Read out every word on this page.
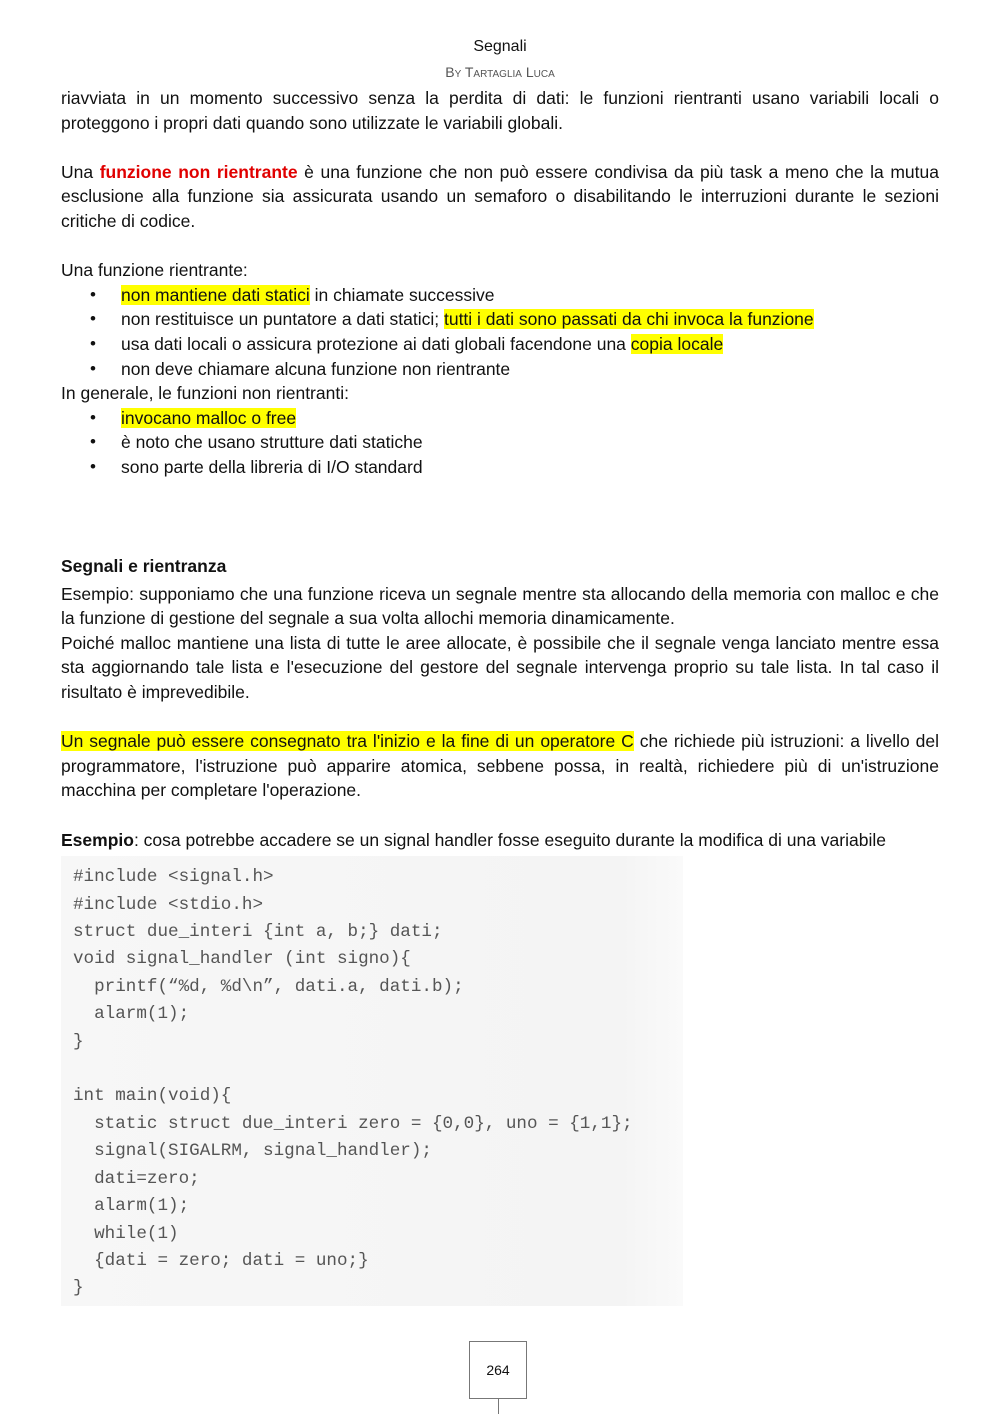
Segnali
By Tartaglia Luca

riavviata in un momento successivo senza la perdita di dati: le funzioni rientranti usano variabili locali o proteggono i propri dati quando sono utilizzate le variabili globali.

Una funzione non rientrante è una funzione che non può essere condivisa da più task a meno che la mutua esclusione alla funzione sia assicurata usando un semaforo o disabilitando le interruzioni durante le sezioni critiche di codice.

Una funzione rientrante:

• non mantiene dati statici in chiamate successive
• non restituisce un puntatore a dati statici; tutti i dati sono passati da chi invoca la funzione
• usa dati locali o assicura protezione ai dati globali facendone una copia locale
• non deve chiamare alcuna funzione non rientrante

In generale, le funzioni non rientranti:

• invocano malloc o free
• è noto che usano strutture dati statiche
• sono parte della libreria di I/O standard

Segnali e rientranza

Esempio: supponiamo che una funzione riceva un segnale mentre sta allocando della memoria con malloc e che la funzione di gestione del segnale a sua volta allochi memoria dinamicamente.

Poiché malloc mantiene una lista di tutte le aree allocate, è possibile che il segnale venga lanciato mentre essa sta aggiornando tale lista e l'esecuzione del gestore del segnale intervenga proprio su tale lista. In tal caso il risultato è imprevedibile.

Un segnale può essere consegnato tra l'inizio e la fine di un operatore C che richiede più istruzioni: a livello del programmatore, l'istruzione può apparire atomica, sebbene possa, in realtà, richiedere più di un'istruzione macchina per completare l'operazione.

Esempio: cosa potrebbe accadere se un signal handler fosse eseguito durante la modifica di una variabile

#include <signal.h>
#include <stdio.h>
struct due_interi {int a, b;} dati;
void signal_handler (int signo){
printf(“%d, %d\n”, dati.a, dati.b);
alarm(1);
}

int main(void){
static struct due_interi zero = {0,0}, uno = {1,1};
signal(SIGALRM, signal_handler);
dati=zero;
alarm(1);
while(1)
{dati = zero; dati = uno;}
}
264
